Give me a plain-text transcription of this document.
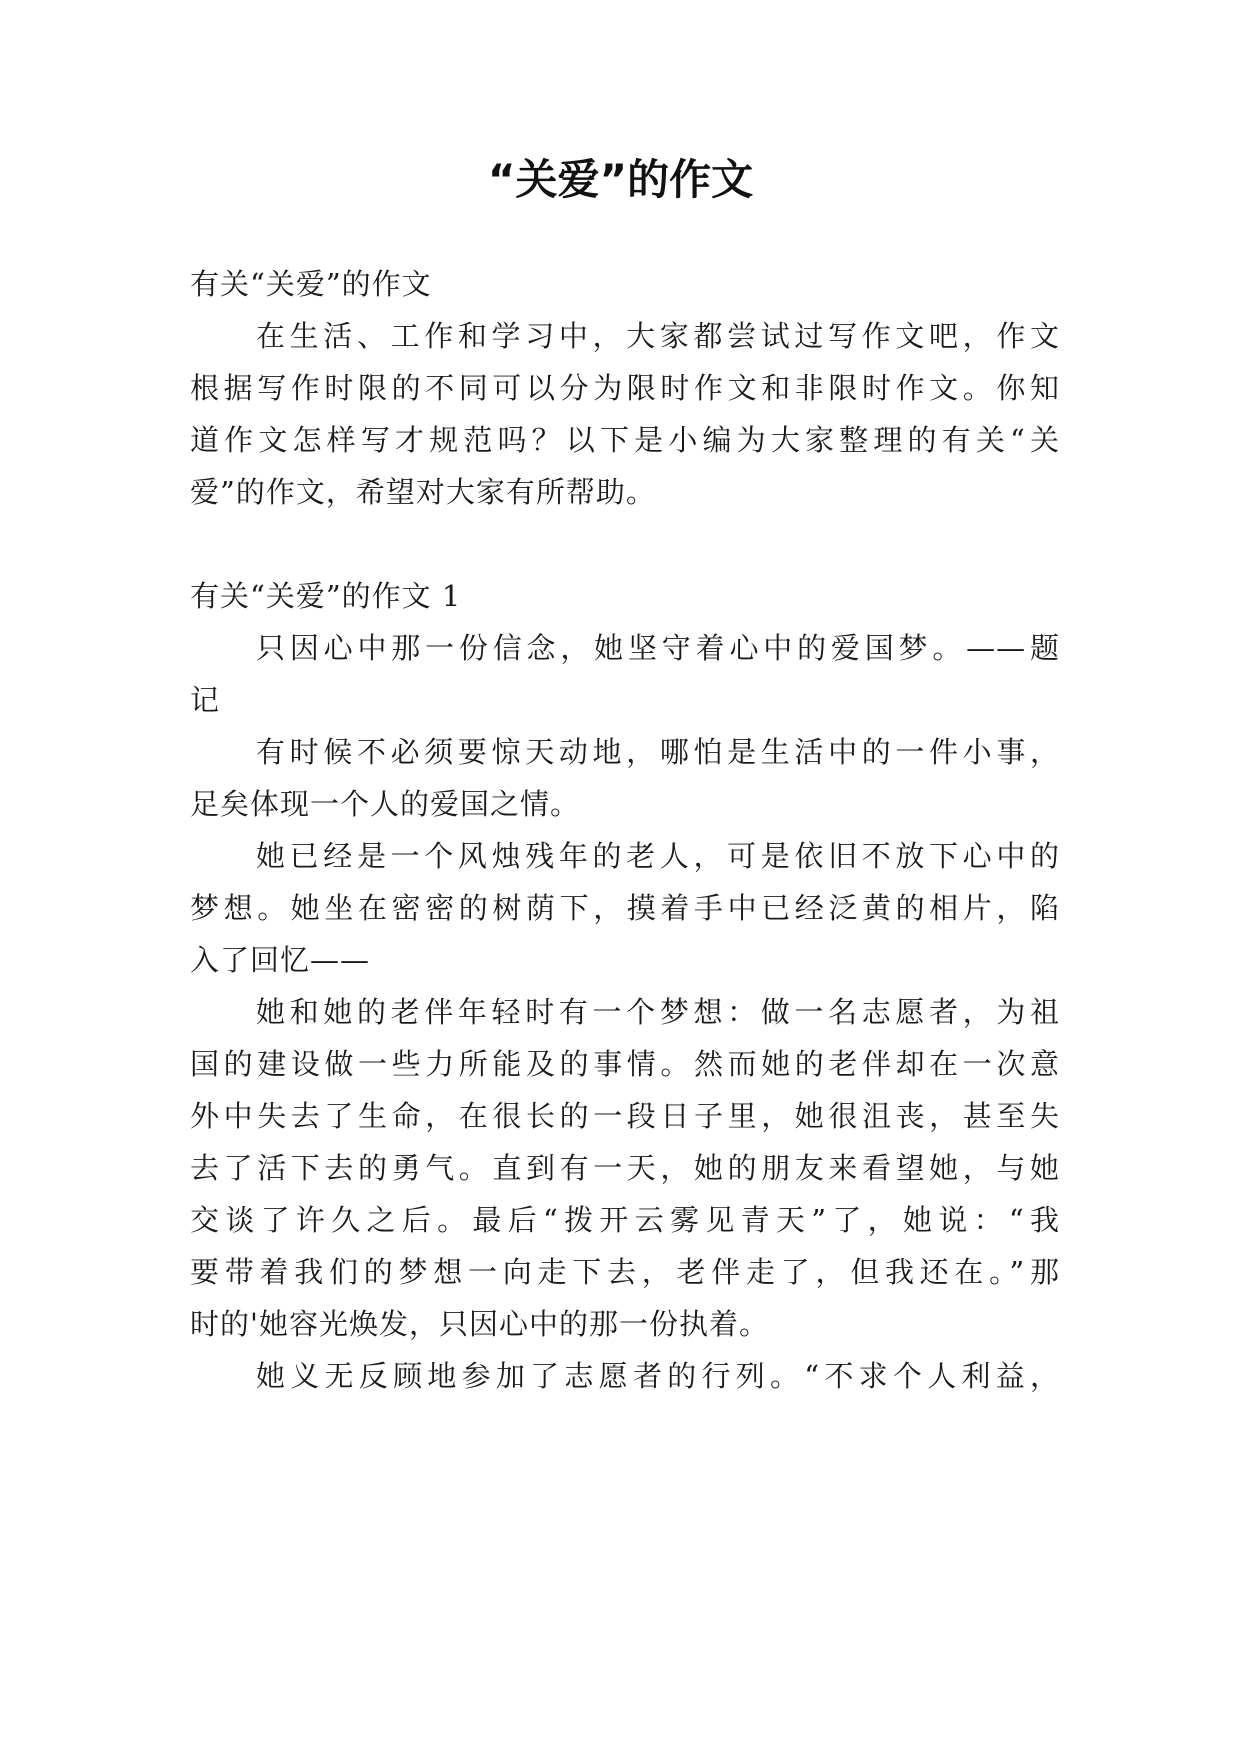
“关爱”的作文
有关“关爱”的作文
在生活、工作和学习中，大家都尝试过写作文吧，作文
根据写作时限的不同可以分为限时作文和非限时作文。你知
道作文怎样写才规范吗？以下是小编为大家整理的有关“关
爱”的作文，希望对大家有所帮助。
有关“关爱”的作文 1
只因心中那一份信念，她坚守着心中的爱国梦。——题
记
有时候不必须要惊天动地，哪怕是生活中的一件小事，
足矣体现一个人的爱国之情。
她已经是一个风烛残年的老人，可是依旧不放下心中的
梦想。她坐在密密的树荫下，摸着手中已经泛黄的相片，陷
入了回忆——
她和她的老伴年轻时有一个梦想：做一名志愿者，为祖
国的建设做一些力所能及的事情。然而她的老伴却在一次意
外中失去了生命，在很长的一段日子里，她很沮丧，甚至失
去了活下去的勇气。直到有一天，她的朋友来看望她，与她
交谈了许久之后。最后“拨开云雾见青天”了，她说：“我
要带着我们的梦想一向走下去，老伴走了，但我还在。”那
时的'她容光焕发，只因心中的那一份执着。
她义无反顾地参加了志愿者的行列。“不求个人利益，
